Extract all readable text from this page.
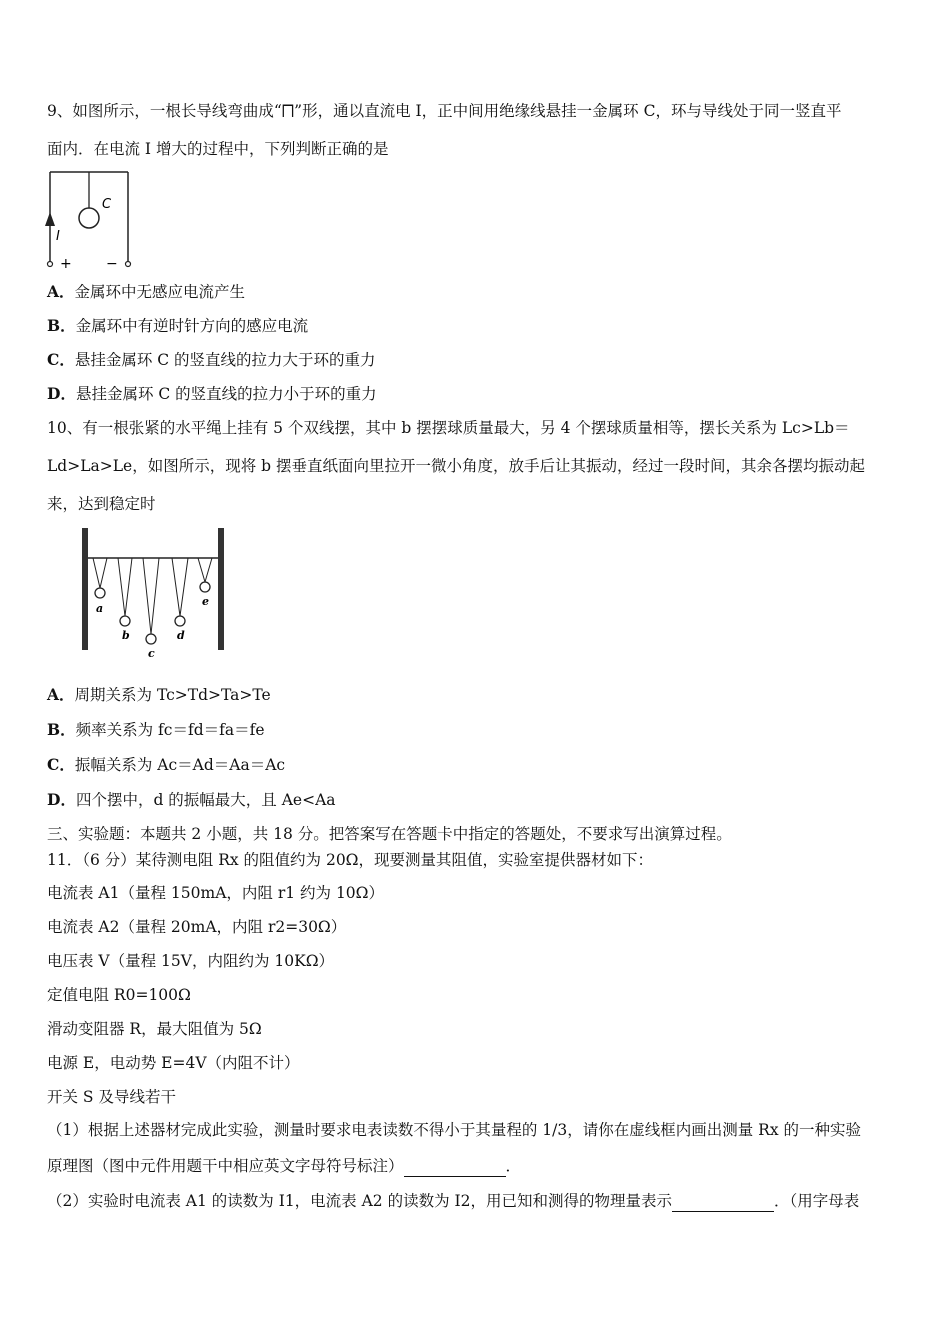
9、如图所示，一根长导线弯曲成“⨅”形，通以直流电 I，正中间用绝缘线悬挂一金属环 C，环与导线处于同一竖直平
面内．在电流 I 增大的过程中，下列判断正确的是
C
I
+ −
A．金属环中无感应电流产生
B．金属环中有逆时针方向的感应电流
C．悬挂金属环 C 的竖直线的拉力大于环的重力
D．悬挂金属环 C 的竖直线的拉力小于环的重力
10、有一根张紧的水平绳上挂有 5 个双线摆，其中 b 摆摆球质量最大，另 4 个摆球质量相等，摆长关系为 Lc>Lb＝
Ld>La>Le，如图所示，现将 b 摆垂直纸面向里拉开一微小角度，放手后让其振动，经过一段时间，其余各摆均振动起
来，达到稳定时
a
b
c
d
e
A．周期关系为 Tc>Td>Ta>Te
B．频率关系为 fc＝fd＝fa＝fe
C．振幅关系为 Ac＝Ad＝Aa＝Ac
D．四个摆中，d 的振幅最大，且 Ae<Aa
三、实验题：本题共 2 小题，共 18 分。把答案写在答题卡中指定的答题处，不要求写出演算过程。
11．（6 分）某待测电阻 Rx 的阻值约为 20Ω，现要测量其阻值，实验室提供器材如下：
电流表 A1（量程 150mA，内阻 r1 约为 10Ω）
电流表 A2（量程 20mA，内阻 r2=30Ω）
电压表 V（量程 15V，内阻约为 10KΩ）
定值电阻 R0=100Ω
滑动变阻器 R，最大阻值为 5Ω
电源 E，电动势 E=4V（内阻不计）
开关 S 及导线若干
（1）根据上述器材完成此实验，测量时要求电表读数不得小于其量程的 1/3，请你在虚线框内画出测量 Rx 的一种实验
原理图（图中元件用题干中相应英文字母符号标注）	．
（2）实验时电流表 A1 的读数为 I1，电流表 A2 的读数为 I2，用已知和测得的物理量表示	．（用字母表
